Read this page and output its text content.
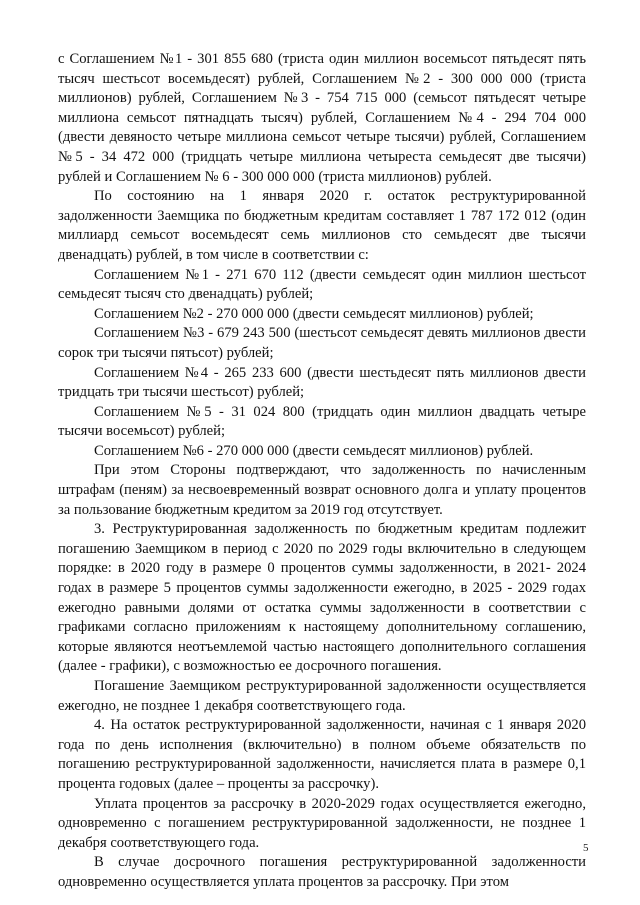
с Соглашением №1 - 301 855 680 (триста один миллион восемьсот пятьдесят пять тысяч шестьсот восемьдесят) рублей, Соглашением №2 - 300 000 000 (триста миллионов) рублей, Соглашением №3 - 754 715 000 (семьсот пятьдесят четыре миллиона семьсот пятнадцать тысяч) рублей, Соглашением №4 - 294 704 000 (двести девяносто четыре миллиона семьсот четыре тысячи) рублей, Соглашением №5 - 34 472 000 (тридцать четыре миллиона четыреста семьдесят две тысячи) рублей и Соглашением № 6 - 300 000 000 (триста миллионов) рублей.

По состоянию на 1 января 2020 г. остаток реструктурированной задолженности Заемщика по бюджетным кредитам составляет 1 787 172 012 (один миллиард семьсот восемьдесят семь миллионов сто семьдесят две тысячи двенадцать) рублей, в том числе в соответствии с:

Соглашением №1 - 271 670 112 (двести семьдесят один миллион шестьсот семьдесят тысяч сто двенадцать) рублей;

Соглашением №2 - 270 000 000 (двести семьдесят миллионов) рублей;

Соглашением №3 - 679 243 500 (шестьсот семьдесят девять миллионов двести сорок три тысячи пятьсот) рублей;

Соглашением №4 - 265 233 600 (двести шестьдесят пять миллионов двести тридцать три тысячи шестьсот) рублей;

Соглашением №5 - 31 024 800 (тридцать один миллион двадцать четыре тысячи восемьсот) рублей;

Соглашением №6 - 270 000 000 (двести семьдесят миллионов) рублей.

При этом Стороны подтверждают, что задолженность по начисленным штрафам (пеням) за несвоевременный возврат основного долга и уплату процентов за пользование бюджетным кредитом за 2019 год отсутствует.

3. Реструктурированная задолженность по бюджетным кредитам подлежит погашению Заемщиком в период с 2020 по 2029 годы включительно в следующем порядке: в 2020 году в размере 0 процентов суммы задолженности, в 2021- 2024 годах в размере 5 процентов суммы задолженности ежегодно, в 2025 - 2029 годах ежегодно равными долями от остатка суммы задолженности в соответствии с графиками согласно приложениям к настоящему дополнительному соглашению, которые являются неотъемлемой частью настоящего дополнительного соглашения (далее - графики), с возможностью ее досрочного погашения.

Погашение Заемщиком реструктурированной задолженности осуществляется ежегодно, не позднее 1 декабря соответствующего года.

4. На остаток реструктурированной задолженности, начиная с 1 января 2020 года по день исполнения (включительно) в полном объеме обязательств по погашению реструктурированной задолженности, начисляется плата в размере 0,1 процента годовых (далее – проценты за рассрочку).

Уплата процентов за рассрочку в 2020-2029 годах осуществляется ежегодно, одновременно с погашением реструктурированной задолженности, не позднее 1 декабря соответствующего года.

В случае досрочного погашения реструктурированной задолженности одновременно осуществляется уплата процентов за рассрочку. При этом

5
